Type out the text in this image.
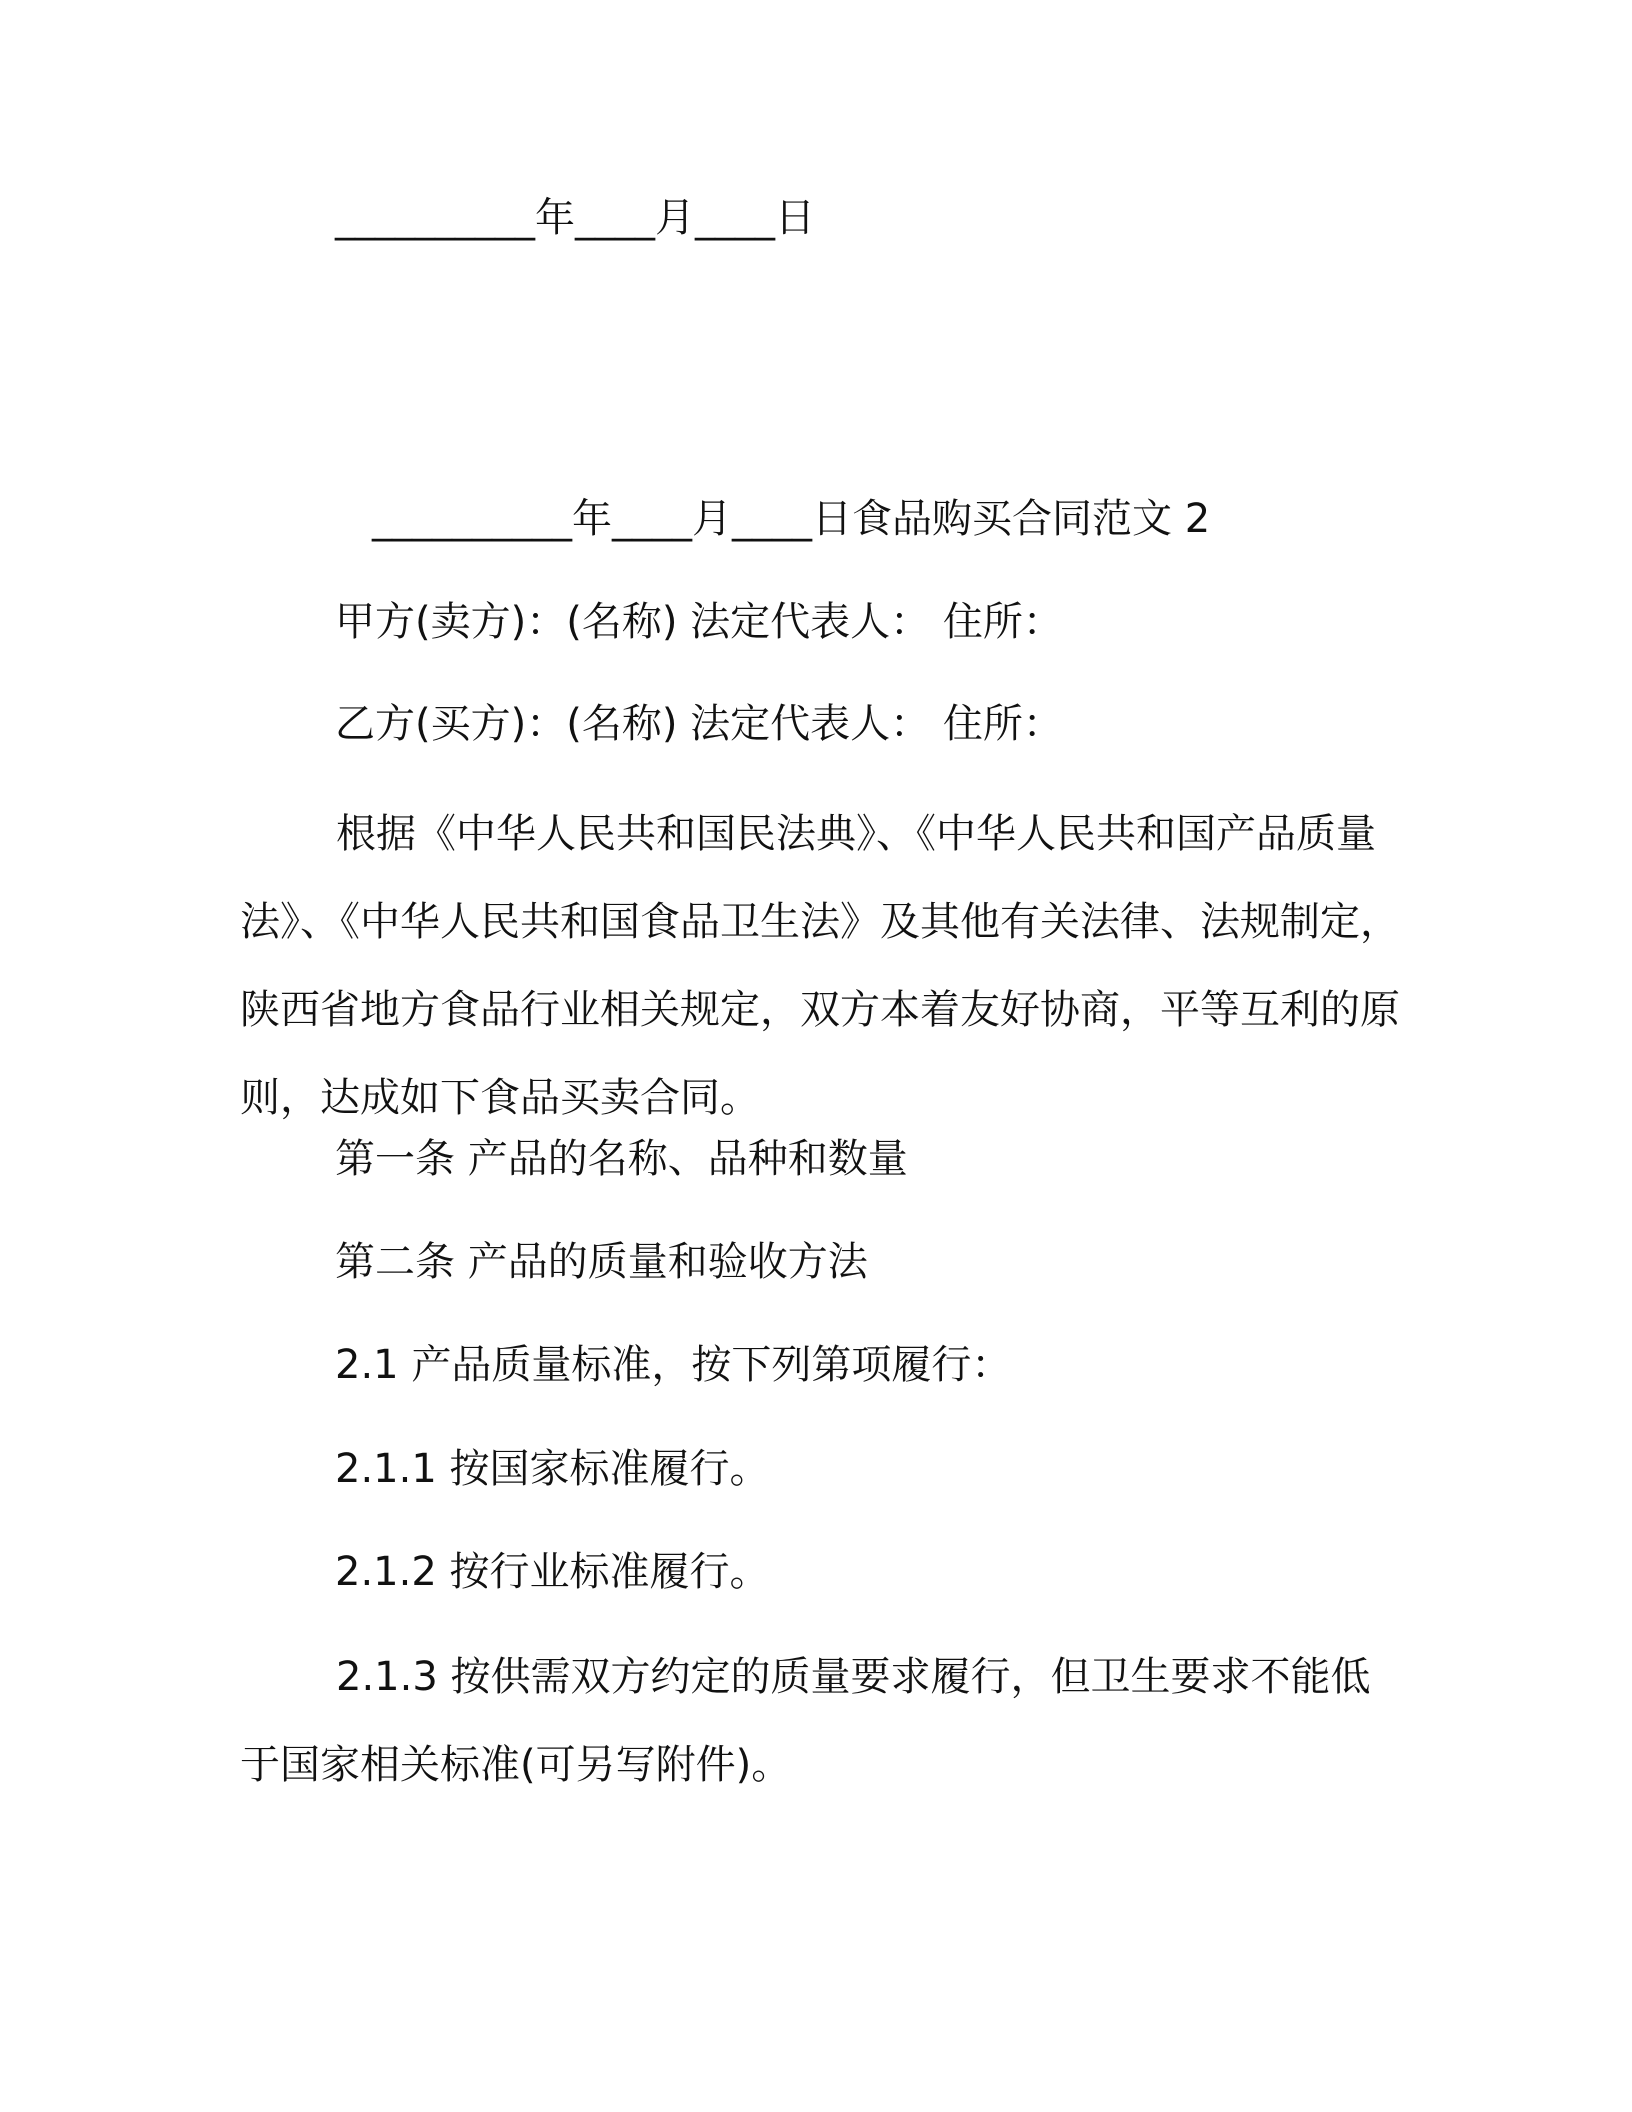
__________年____月____日
__________年____月____日食品购买合同范文 2
甲方(卖方)：(名称) 法定代表人： 住所：
乙方(买方)：(名称) 法定代表人： 住所：
根据《中华人民共和国民法典》、《中华人民共和国产品质量法》、《中华人民共和国食品卫生法》及其他有关法律、法规制定，陕西省地方食品行业相关规定，双方本着友好协商，平等互利的原则，达成如下食品买卖合同。
第一条 产品的名称、品种和数量
第二条 产品的质量和验收方法
2.1 产品质量标准，按下列第项履行：
2.1.1 按国家标准履行。
2.1.2 按行业标准履行。
2.1.3 按供需双方约定的质量要求履行，但卫生要求不能低于国家相关标准(可另写附件)。
